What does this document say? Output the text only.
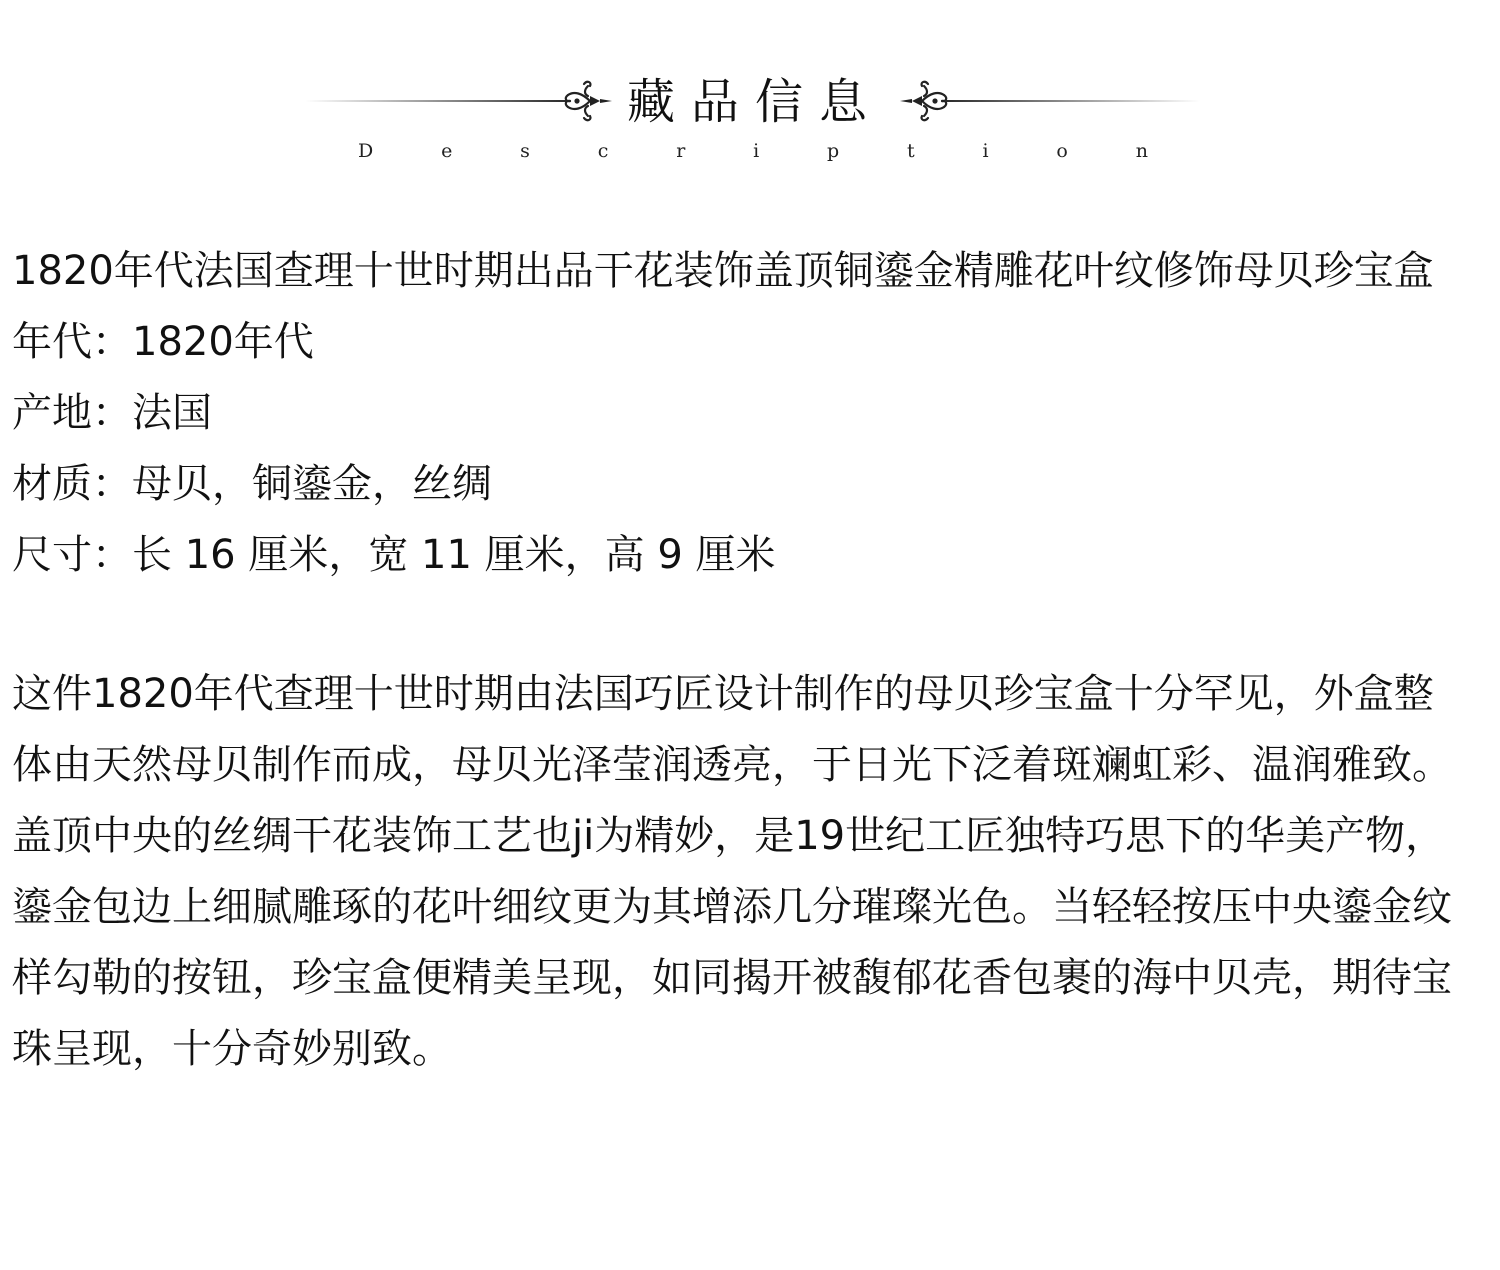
藏品信息
D	e	s	c	r	i	p	t	i	o	n

1820年代法国查理十世时期出品干花装饰盖顶铜鎏金精雕花叶纹修饰母贝珍宝盒

年代：1820年代

产地：法国

材质：母贝，铜鎏金，丝绸

尺寸：长 16 厘米，宽 11 厘米，高 9 厘米

这件1820年代查理十世时期由法国巧匠设计制作的母贝珍宝盒十分罕见，外盒整体由天然母贝制作而成，母贝光泽莹润透亮，于日光下泛着斑斓虹彩、温润雅致。盖顶中央的丝绸干花装饰工艺也ji为精妙，是19世纪工匠独特巧思下的华美产物，鎏金包边上细腻雕琢的花叶细纹更为其增添几分璀璨光色。当轻轻按压中央鎏金纹样勾勒的按钮，珍宝盒便精美呈现，如同揭开被馥郁花香包裹的海中贝壳，期待宝珠呈现，十分奇妙别致。
